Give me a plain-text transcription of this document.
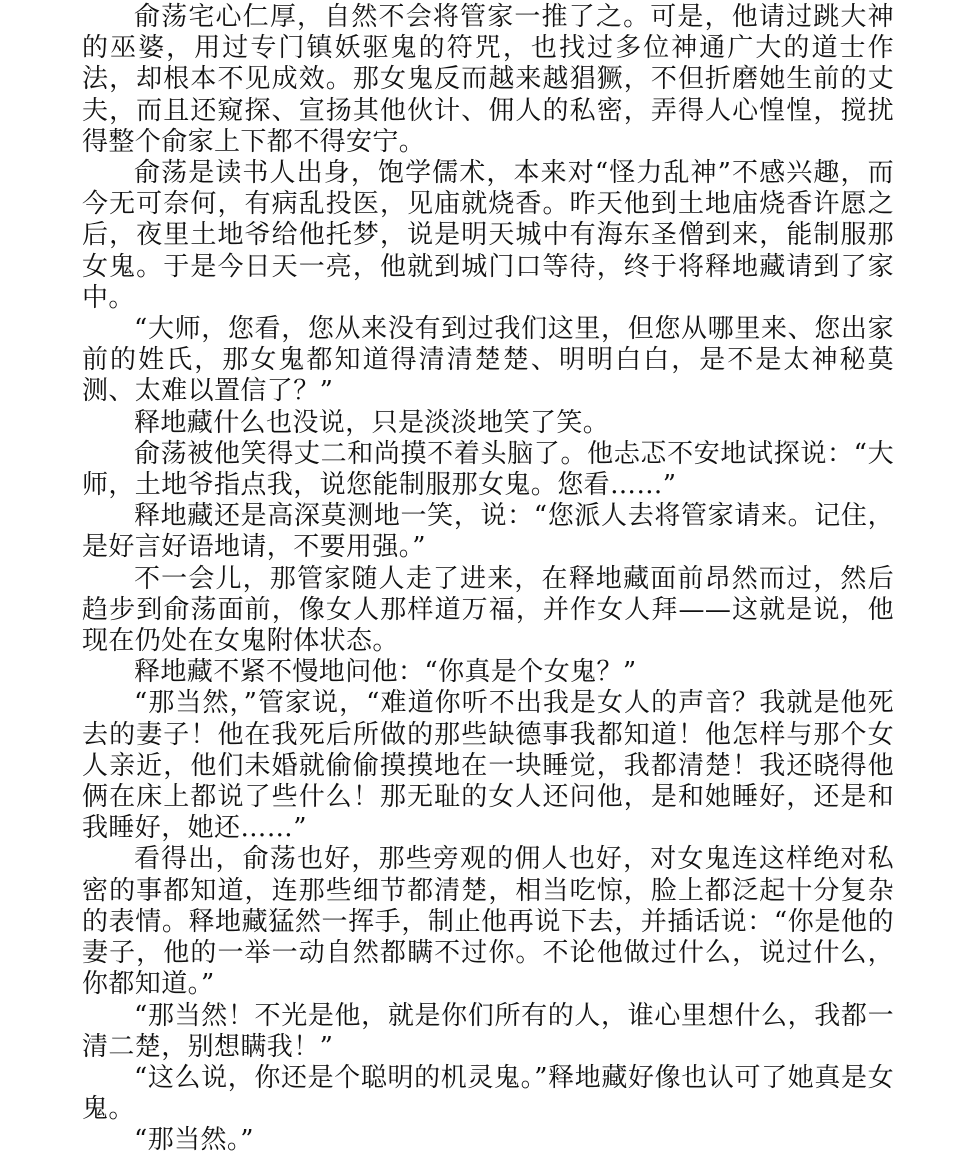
俞荡宅心仁厚，自然不会将管家一推了之。可是，他请过跳大神的巫婆，用过专门镇妖驱鬼的符咒，也找过多位神通广大的道士作法，却根本不见成效。那女鬼反而越来越猖獗，不但折磨她生前的丈夫，而且还窥探、宣扬其他伙计、佣人的私密，弄得人心惶惶，搅扰得整个俞家上下都不得安宁。

俞荡是读书人出身，饱学儒术，本来对“怪力乱神”不感兴趣，而今无可奈何，有病乱投医，见庙就烧香。昨天他到土地庙烧香许愿之后，夜里土地爷给他托梦，说是明天城中有海东圣僧到来，能制服那女鬼。于是今日天一亮，他就到城门口等待，终于将释地藏请到了家中。

“大师，您看，您从来没有到过我们这里，但您从哪里来、您出家前的姓氏，那女鬼都知道得清清楚楚、明明白白，是不是太神秘莫测、太难以置信了？”

释地藏什么也没说，只是淡淡地笑了笑。

俞荡被他笑得丈二和尚摸不着头脑了。他忐忑不安地试探说：“大师，土地爷指点我，说您能制服那女鬼。您看……”

释地藏还是高深莫测地一笑，说：“您派人去将管家请来。记住，是好言好语地请，不要用强。”

不一会儿，那管家随人走了进来，在释地藏面前昂然而过，然后趋步到俞荡面前，像女人那样道万福，并作女人拜——这就是说，他现在仍处在女鬼附体状态。

释地藏不紧不慢地问他：“你真是个女鬼？”

“那当然，”管家说，“难道你听不出我是女人的声音？我就是他死去的妻子！他在我死后所做的那些缺德事我都知道！他怎样与那个女人亲近，他们未婚就偷偷摸摸地在一块睡觉，我都清楚！我还晓得他俩在床上都说了些什么！那无耻的女人还问他，是和她睡好，还是和我睡好，她还……”

看得出，俞荡也好，那些旁观的佣人也好，对女鬼连这样绝对私密的事都知道，连那些细节都清楚，相当吃惊，脸上都泛起十分复杂的表情。释地藏猛然一挥手，制止他再说下去，并插话说：“你是他的妻子，他的一举一动自然都瞒不过你。不论他做过什么，说过什么，你都知道。”

“那当然！不光是他，就是你们所有的人，谁心里想什么，我都一清二楚，别想瞒我！”

“这么说，你还是个聪明的机灵鬼。”释地藏好像也认可了她真是女鬼。

“那当然。”
